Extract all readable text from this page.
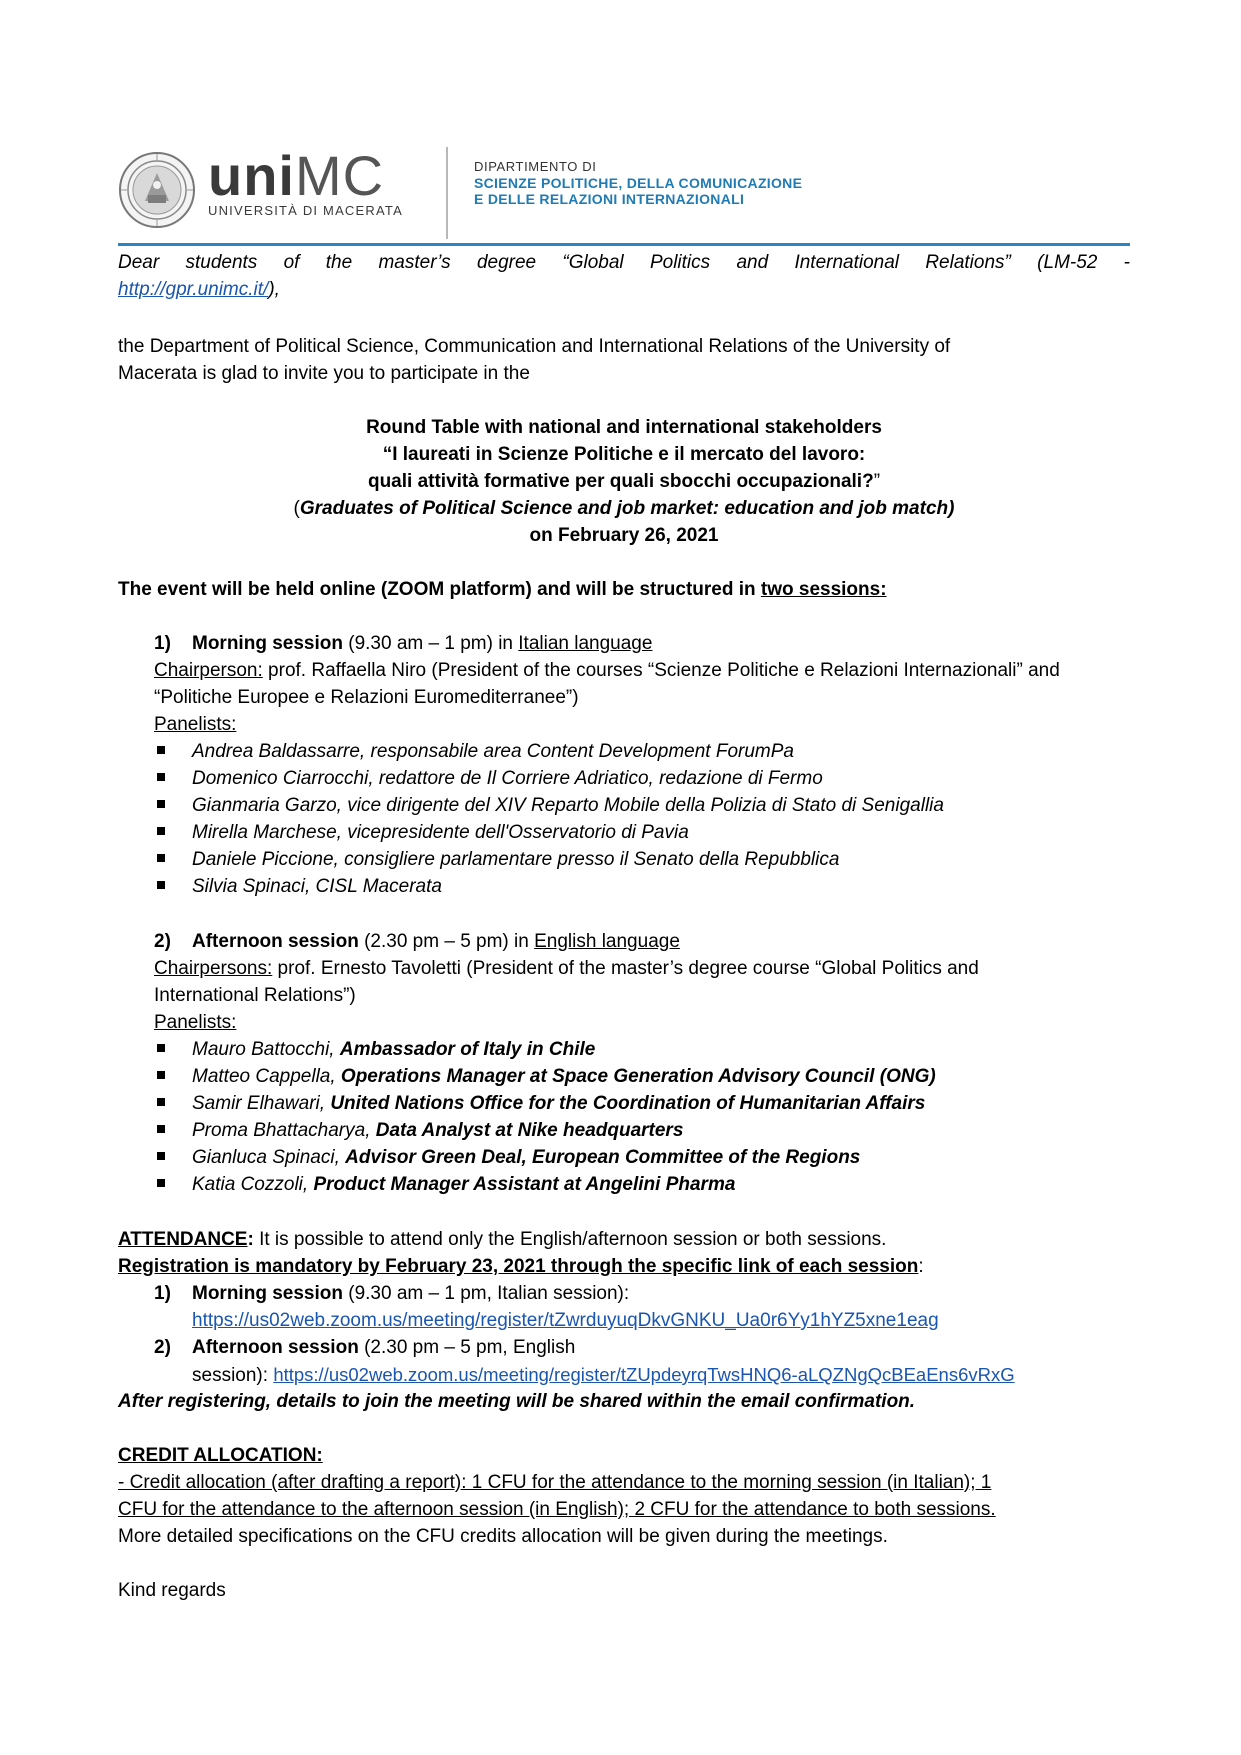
uniMC
UNIVERSITÀ DI MACERATA
DIPARTIMENTO DI
SCIENZE POLITICHE, DELLA COMUNICAZIONE
E DELLE RELAZIONI INTERNAZIONALI
Dear students of the master’s degree “Global Politics and International Relations” (LM-52 -
http://gpr.unimc.it/),
the Department of Political Science, Communication and International Relations of the University of
Macerata is glad to invite you to participate in the
Round Table with national and international stakeholders
“I laureati in Scienze Politiche e il mercato del lavoro:
quali attività formative per quali sbocchi occupazionali?”
(Graduates of Political Science and job market: education and job match)
on February 26, 2021
The event will be held online (ZOOM platform) and will be structured in two sessions:
1) Morning session (9.30 am – 1 pm) in Italian language
Chairperson: prof. Raffaella Niro (President of the courses “Scienze Politiche e Relazioni Internazionali” and
“Politiche Europee e Relazioni Euromediterranee”)
Panelists:
Andrea Baldassarre, responsabile area Content Development ForumPa
Domenico Ciarrocchi, redattore de Il Corriere Adriatico, redazione di Fermo
Gianmaria Garzo, vice dirigente del XIV Reparto Mobile della Polizia di Stato di Senigallia
Mirella Marchese, vicepresidente dell'Osservatorio di Pavia
Daniele Piccione, consigliere parlamentare presso il Senato della Repubblica
Silvia Spinaci, CISL Macerata
2) Afternoon session (2.30 pm – 5 pm) in English language
Chairpersons: prof. Ernesto Tavoletti (President of the master’s degree course “Global Politics and
International Relations”)
Panelists:
Mauro Battocchi, Ambassador of Italy in Chile
Matteo Cappella, Operations Manager at Space Generation Advisory Council (ONG)
Samir Elhawari, United Nations Office for the Coordination of Humanitarian Affairs
Proma Bhattacharya, Data Analyst at Nike headquarters
Gianluca Spinaci, Advisor Green Deal, European Committee of the Regions
Katia Cozzoli, Product Manager Assistant at Angelini Pharma
ATTENDANCE: It is possible to attend only the English/afternoon session or both sessions.
Registration is mandatory by February 23, 2021 through the specific link of each session:
1) Morning session (9.30 am – 1 pm, Italian session):
https://us02web.zoom.us/meeting/register/tZwrduyuqDkvGNKU_Ua0r6Yy1hYZ5xne1eag
2) Afternoon session (2.30 pm – 5 pm, English
session): https://us02web.zoom.us/meeting/register/tZUpdeyrqTwsHNQ6-aLQZNgQcBEaEns6vRxG
After registering, details to join the meeting will be shared within the email confirmation.
CREDIT ALLOCATION:
- Credit allocation (after drafting a report): 1 CFU for the attendance to the morning session (in Italian); 1
CFU for the attendance to the afternoon session (in English); 2 CFU for the attendance to both sessions.
More detailed specifications on the CFU credits allocation will be given during the meetings.
Kind regards
